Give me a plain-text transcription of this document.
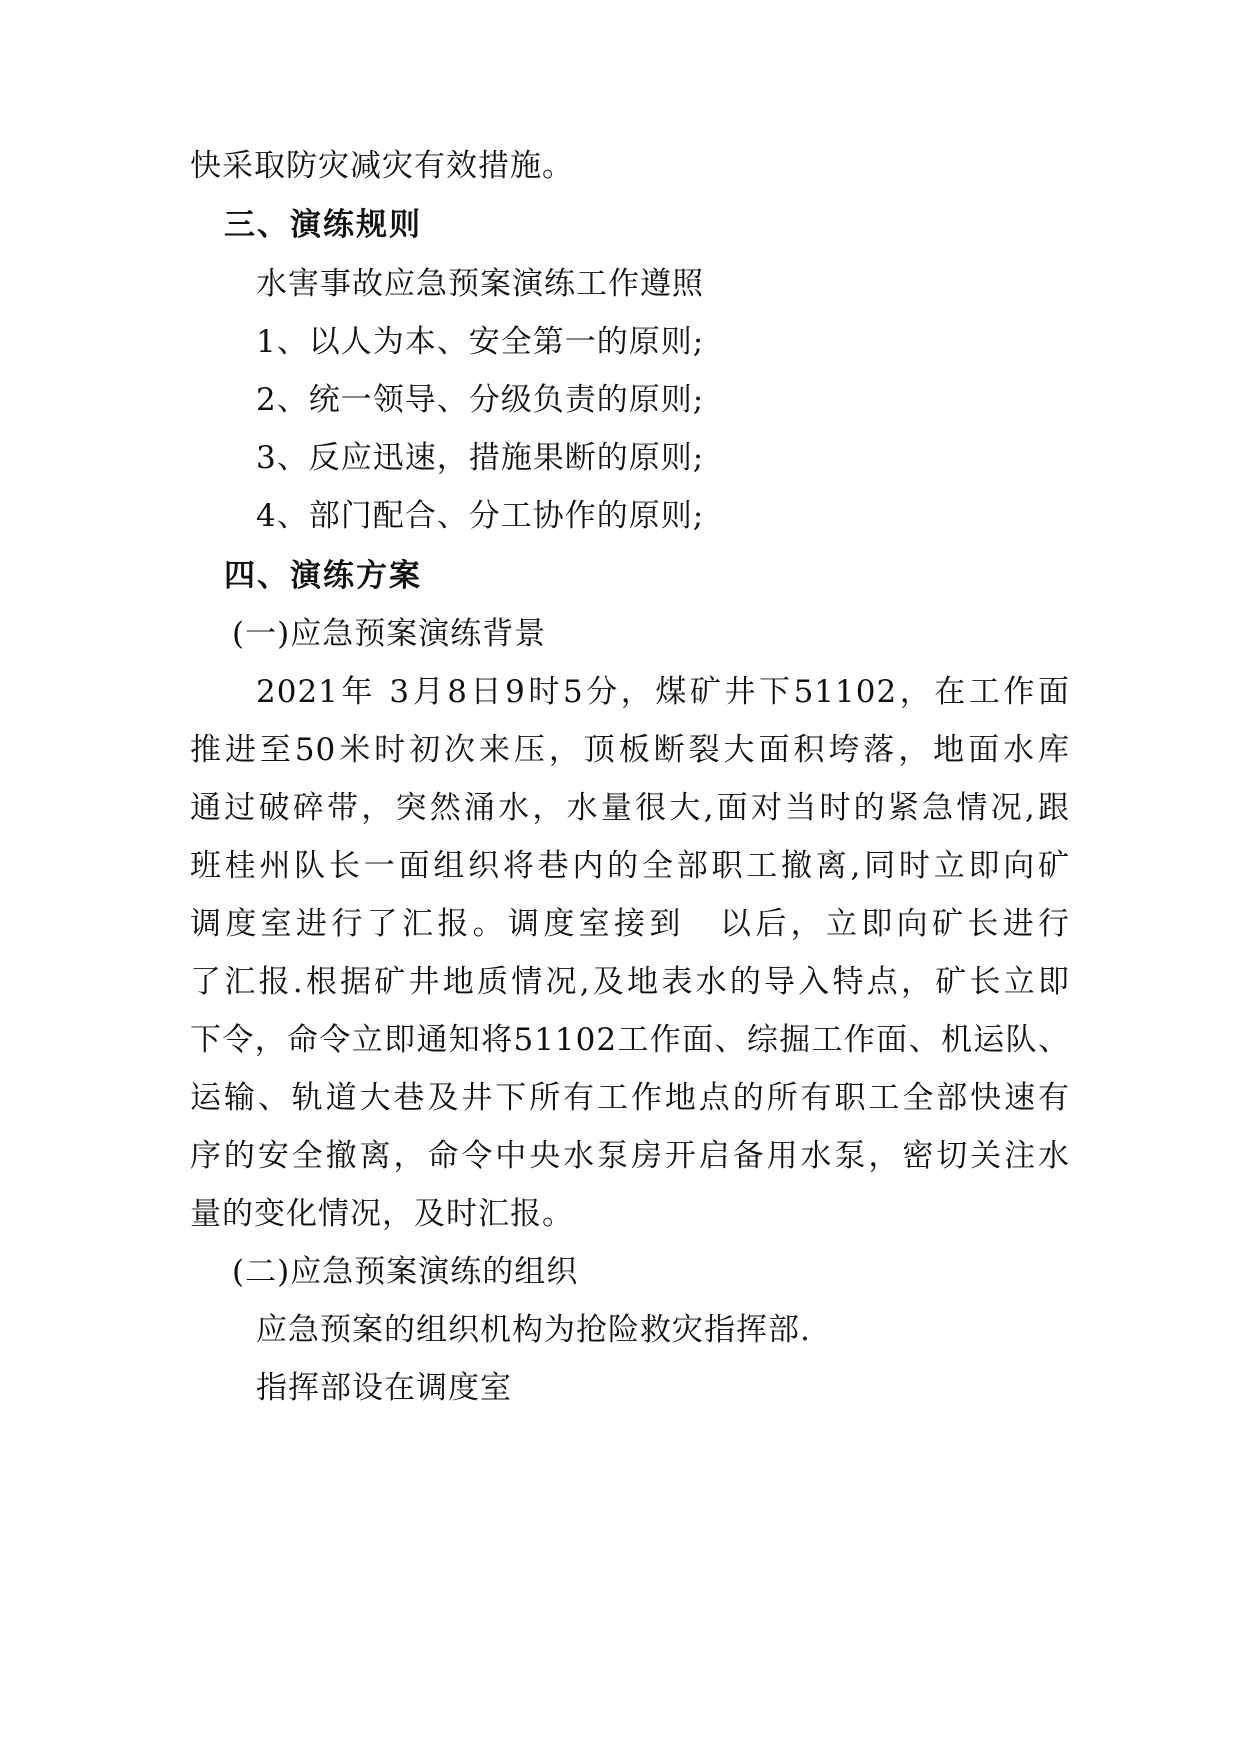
快采取防灾减灾有效措施。
三、演练规则
水害事故应急预案演练工作遵照
1、以人为本、安全第一的原则;
2、统一领导、分级负责的原则;
3、反应迅速，措施果断的原则;
4、部门配合、分工协作的原则;
四、演练方案
(一)应急预案演练背景
2021年 3月8日9时5分，煤矿井下51102，在工作面
推进至50米时初次来压，顶板断裂大面积垮落，地面水库
通过破碎带，突然涌水，水量很大,面对当时的紧急情况,跟
班桂州队长一面组织将巷内的全部职工撤离,同时立即向矿
调度室进行了汇报。调度室接到　以后，立即向矿长进行
了汇报.根据矿井地质情况,及地表水的导入特点，矿长立即
下令，命令立即通知将51102工作面、综掘工作面、机运队、
运输、轨道大巷及井下所有工作地点的所有职工全部快速有
序的安全撤离，命令中央水泵房开启备用水泵，密切关注水
量的变化情况，及时汇报。
(二)应急预案演练的组织
应急预案的组织机构为抢险救灾指挥部.
指挥部设在调度室
